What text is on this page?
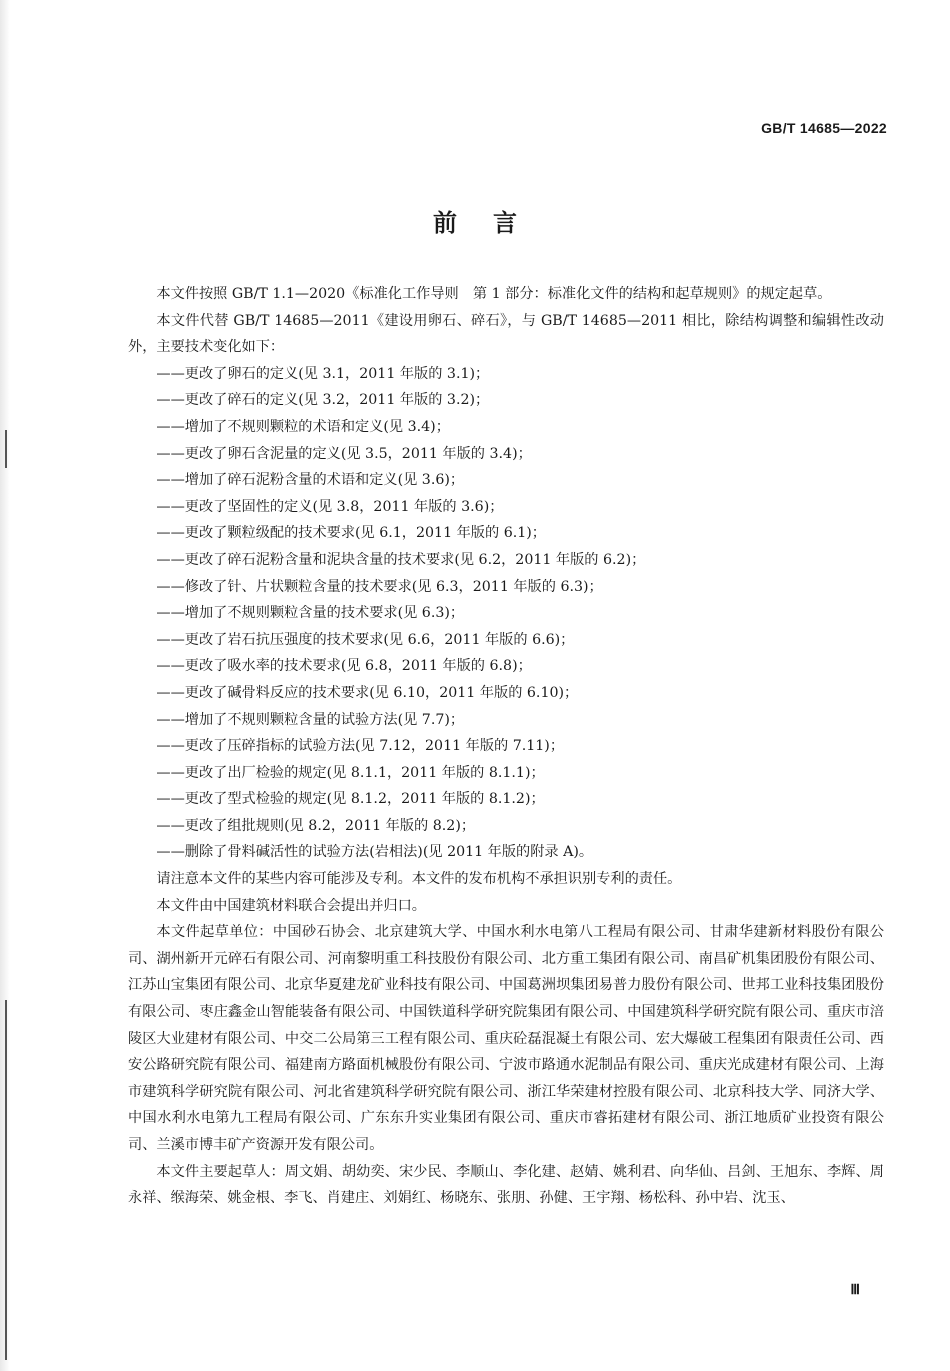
GB/T 14685—2022
前言

本文件按照 GB/T 1.1—2020《标准化工作导则　第 1 部分：标准化文件的结构和起草规则》的规定起草。

本文件代替 GB/T 14685—2011《建设用卵石、碎石》，与 GB/T 14685—2011 相比，除结构调整和编辑性改动外，主要技术变化如下：

——更改了卵石的定义(见 3.1，2011 年版的 3.1)；

——更改了碎石的定义(见 3.2，2011 年版的 3.2)；

——增加了不规则颗粒的术语和定义(见 3.4)；

——更改了卵石含泥量的定义(见 3.5，2011 年版的 3.4)；

——增加了碎石泥粉含量的术语和定义(见 3.6)；

——更改了坚固性的定义(见 3.8，2011 年版的 3.6)；

——更改了颗粒级配的技术要求(见 6.1，2011 年版的 6.1)；

——更改了碎石泥粉含量和泥块含量的技术要求(见 6.2，2011 年版的 6.2)；

——修改了针、片状颗粒含量的技术要求(见 6.3，2011 年版的 6.3)；

——增加了不规则颗粒含量的技术要求(见 6.3)；

——更改了岩石抗压强度的技术要求(见 6.6，2011 年版的 6.6)；

——更改了吸水率的技术要求(见 6.8，2011 年版的 6.8)；

——更改了碱骨料反应的技术要求(见 6.10，2011 年版的 6.10)；

——增加了不规则颗粒含量的试验方法(见 7.7)；

——更改了压碎指标的试验方法(见 7.12，2011 年版的 7.11)；

——更改了出厂检验的规定(见 8.1.1，2011 年版的 8.1.1)；

——更改了型式检验的规定(见 8.1.2，2011 年版的 8.1.2)；

——更改了组批规则(见 8.2，2011 年版的 8.2)；

——删除了骨料碱活性的试验方法(岩相法)(见 2011 年版的附录 A)。

请注意本文件的某些内容可能涉及专利。本文件的发布机构不承担识别专利的责任。

本文件由中国建筑材料联合会提出并归口。

本文件起草单位：中国砂石协会、北京建筑大学、中国水利水电第八工程局有限公司、甘肃华建新材料股份有限公司、湖州新开元碎石有限公司、河南黎明重工科技股份有限公司、北方重工集团有限公司、南昌矿机集团股份有限公司、江苏山宝集团有限公司、北京华夏建龙矿业科技有限公司、中国葛洲坝集团易普力股份有限公司、世邦工业科技集团股份有限公司、枣庄鑫金山智能装备有限公司、中国铁道科学研究院集团有限公司、中国建筑科学研究院有限公司、重庆市涪陵区大业建材有限公司、中交二公局第三工程有限公司、重庆砼磊混凝土有限公司、宏大爆破工程集团有限责任公司、西安公路研究院有限公司、福建南方路面机械股份有限公司、宁波市路通水泥制品有限公司、重庆光成建材有限公司、上海市建筑科学研究院有限公司、河北省建筑科学研究院有限公司、浙江华荣建材控股有限公司、北京科技大学、同济大学、中国水利水电第九工程局有限公司、广东东升实业集团有限公司、重庆市睿拓建材有限公司、浙江地质矿业投资有限公司、兰溪市博丰矿产资源开发有限公司。

本文件主要起草人：周文娟、胡幼奕、宋少民、李顺山、李化建、赵婧、姚利君、向华仙、吕剑、王旭东、李辉、周永祥、缑海荣、姚金根、李飞、肖建庄、刘娟红、杨晓东、张朋、孙健、王宇翔、杨松科、孙中岩、沈玉、

Ⅲ
